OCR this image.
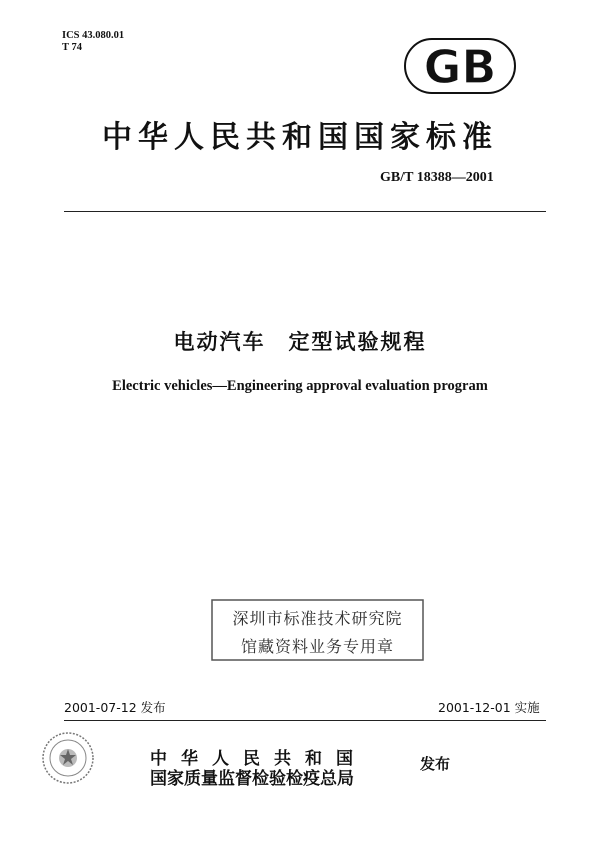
ICS 43.080.01
T 74	GB
中华人民共和国国家标准
GB/T 18388—2001
电动汽车　定型试验规程
Electric vehicles—Engineering approval evaluation program
深圳市标准技术研究院
馆藏资料业务专用章
2001-07-12 发布	2001-12-01 实施
中华人民共和国
国家质量监督检验检疫总局
发布
